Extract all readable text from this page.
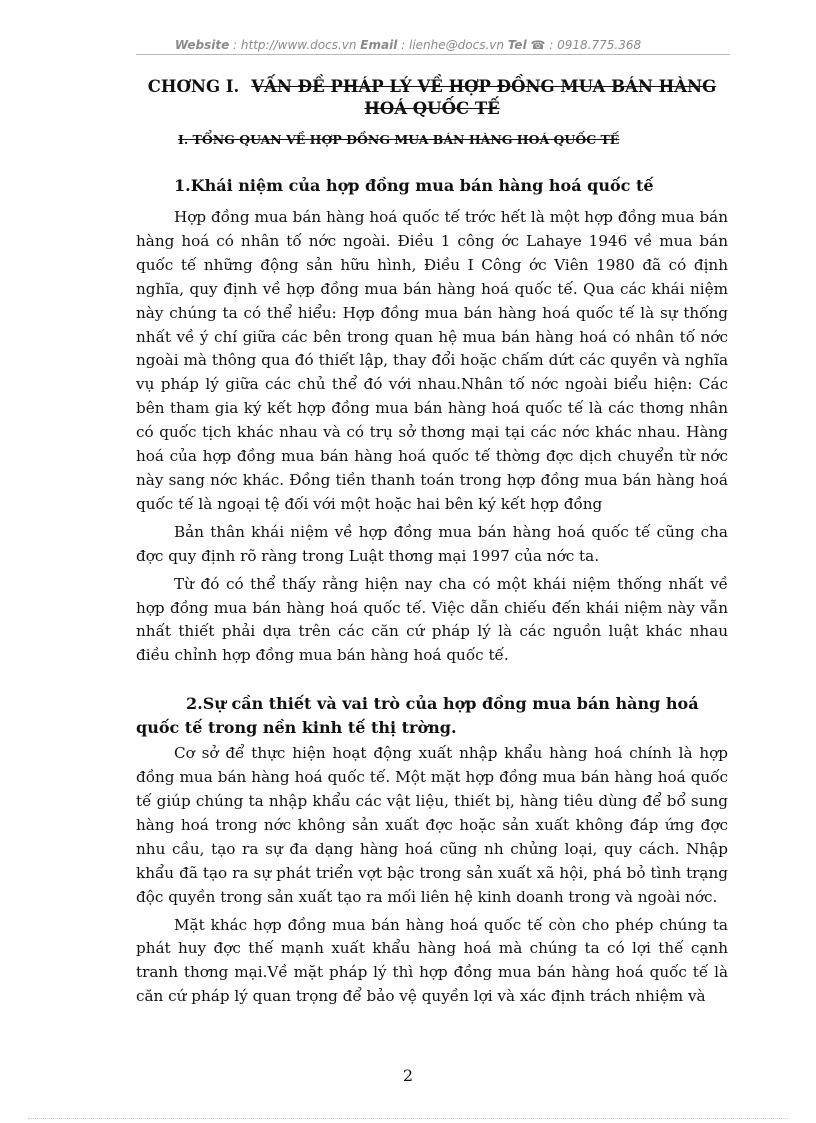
Website : http://www.docs.vn Email : lienhe@docs.vn Tel ☎ : 0918.775.368
CHƠNG I. VẤN ĐỀ PHÁP LÝ VỀ HỢP ĐỒNG MUA BÁN HÀNG HOÁ QUỐC TẾ
I. TỔNG QUAN VỀ HỢP ĐỒNG MUA BÁN HÀNG HOÁ QUỐC TẾ
1.Khái niệm của hợp đồng mua bán hàng hoá quốc tế

Hợp đồng mua bán hàng hoá quốc tế trớc hết là một hợp đồng mua bán hàng hoá có nhân tố nớc ngoài. Điều 1 công ớc Lahaye 1946 về mua bán quốc tế những động sản hữu hình, Điều I Công ớc Viên 1980 đã có định nghĩa, quy định về hợp đồng mua bán hàng hoá quốc tế. Qua các khái niệm này chúng ta có thể hiểu: Hợp đồng mua bán hàng hoá quốc tế là sự thống nhất về ý chí giữa các bên trong quan hệ mua bán hàng hoá có nhân tố nớc ngoài mà thông qua đó thiết lập, thay đổi hoặc chấm dứt các quyền và nghĩa vụ pháp lý giữa các chủ thể đó với nhau.Nhân tố nớc ngoài biểu hiện: Các bên tham gia ký kết hợp đồng mua bán hàng hoá quốc tế là các thơng nhân có quốc tịch khác nhau và có trụ sở thơng mại tại các nớc khác nhau. Hàng hoá của hợp đồng mua bán hàng hoá quốc tế thờng đợc dịch chuyển từ nớc này sang nớc khác. Đồng tiền thanh toán trong hợp đồng mua bán hàng hoá quốc tế là ngoại tệ đối với một hoặc hai bên ký kết hợp đồng

Bản thân khái niệm về hợp đồng mua bán hàng hoá quốc tế cũng cha đợc quy định rõ ràng trong Luật thơng mại 1997 của nớc ta.

Từ đó có thể thấy rằng hiện nay cha có một khái niệm thống nhất về hợp đồng mua bán hàng hoá quốc tế. Việc dẫn chiếu đến khái niệm này vẫn nhất thiết phải dựa trên các căn cứ pháp lý là các nguồn luật khác nhau điều chỉnh hợp đồng mua bán hàng hoá quốc tế.

2.Sự cần thiết và vai trò của hợp đồng mua bán hàng hoá quốc tế trong nền kinh tế thị trờng.

Cơ sở để thực hiện hoạt động xuất nhập khẩu hàng hoá chính là hợp đồng mua bán hàng hoá quốc tế. Một mặt hợp đồng mua bán hàng hoá quốc tế giúp chúng ta nhập khẩu các vật liệu, thiết bị, hàng tiêu dùng để bổ sung hàng hoá trong nớc không sản xuất đợc hoặc sản xuất không đáp ứng đợc nhu cầu, tạo ra sự đa dạng hàng hoá cũng nh chủng loại, quy cách. Nhập khẩu đã tạo ra sự phát triển vợt bậc trong sản xuất xã hội, phá bỏ tình trạng độc quyền trong sản xuất tạo ra mối liên hệ kinh doanh trong và ngoài nớc.

Mặt khác hợp đồng mua bán hàng hoá quốc tế còn cho phép chúng ta phát huy đợc thế mạnh xuất khẩu hàng hoá mà chúng ta có lợi thế cạnh tranh thơng mại.Về mặt pháp lý thì hợp đồng mua bán hàng hoá quốc tế là căn cứ pháp lý quan trọng để bảo vệ quyền lợi và xác định trách nhiệm và

2
